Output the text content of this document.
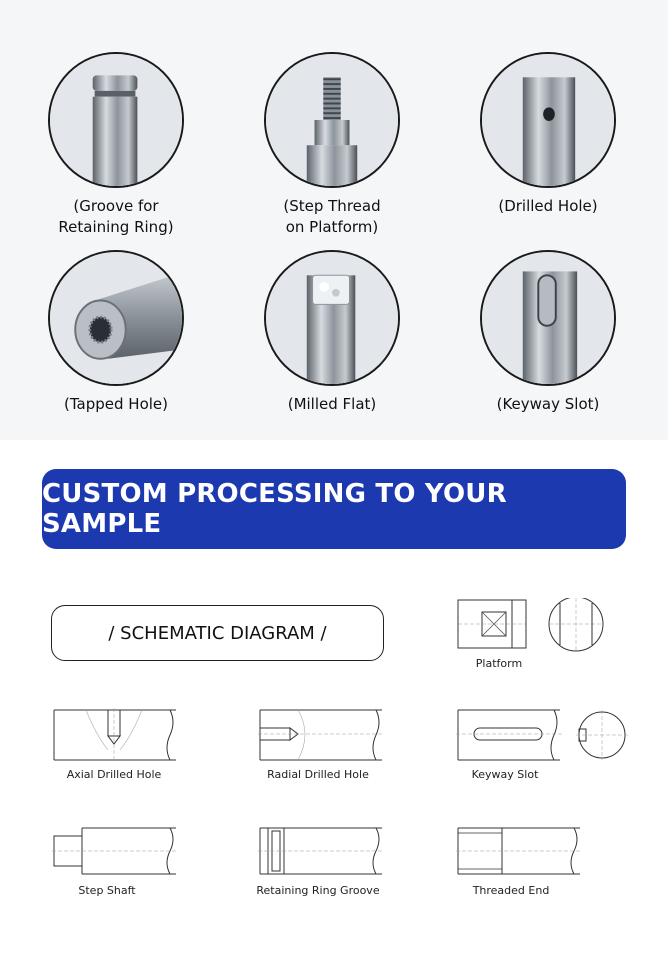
(Groove for
Retaining Ring)
(Step Thread
on Platform)
(Drilled Hole)
(Tapped Hole)	(Milled Flat)	(Keyway Slot)
CUSTOM PROCESSING TO YOUR SAMPLE
/ SCHEMATIC DIAGRAM /
Platform
Axial Drilled Hole	Radial Drilled Hole	Keyway Slot
Step Shaft	Retaining Ring Groove	Threaded End
